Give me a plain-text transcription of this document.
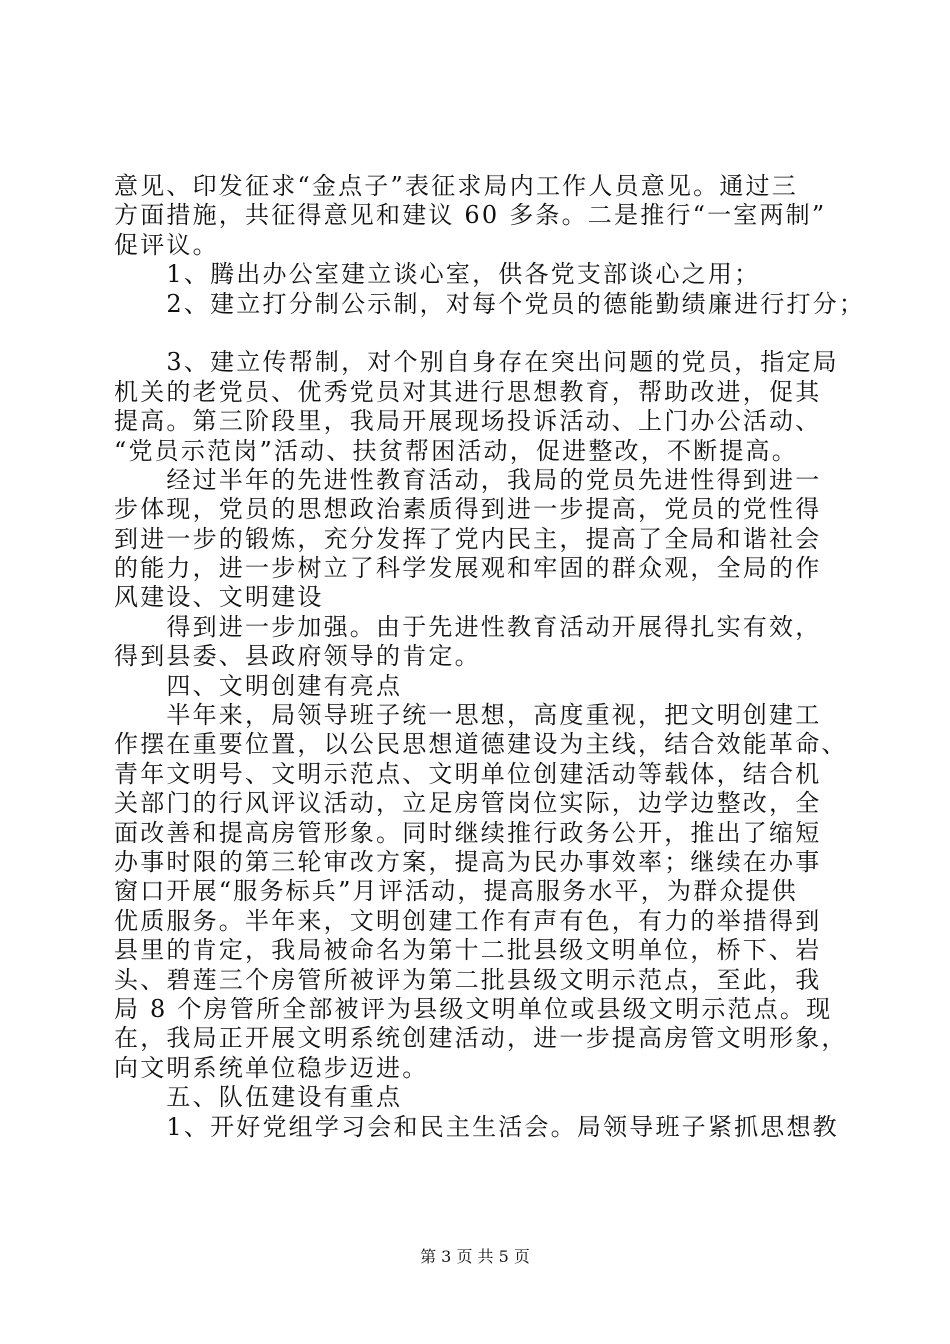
意见、印发征求“金点子”表征求局内工作人员意见。通过三
方面措施，共征得意见和建议 60 多条。二是推行“一室两制”
促评议。
　　1、腾出办公室建立谈心室，供各党支部谈心之用；
　　2、建立打分制公示制，对每个党员的德能勤绩廉进行打分；
　　3、建立传帮制，对个别自身存在突出问题的党员，指定局
机关的老党员、优秀党员对其进行思想教育，帮助改进，促其
提高。第三阶段里，我局开展现场投诉活动、上门办公活动、
“党员示范岗”活动、扶贫帮困活动，促进整改，不断提高。
　　经过半年的先进性教育活动，我局的党员先进性得到进一
步体现，党员的思想政治素质得到进一步提高，党员的党性得
到进一步的锻炼，充分发挥了党内民主，提高了全局和谐社会
的能力，进一步树立了科学发展观和牢固的群众观，全局的作
风建设、文明建设
　　得到进一步加强。由于先进性教育活动开展得扎实有效，
得到县委、县政府领导的肯定。
　　四、文明创建有亮点
　　半年来，局领导班子统一思想，高度重视，把文明创建工
作摆在重要位置，以公民思想道德建设为主线，结合效能革命、
青年文明号、文明示范点、文明单位创建活动等载体，结合机
关部门的行风评议活动，立足房管岗位实际，边学边整改，全
面改善和提高房管形象。同时继续推行政务公开，推出了缩短
办事时限的第三轮审改方案，提高为民办事效率；继续在办事
窗口开展“服务标兵”月评活动，提高服务水平，为群众提供
优质服务。半年来，文明创建工作有声有色，有力的举措得到
县里的肯定，我局被命名为第十二批县级文明单位，桥下、岩
头、碧莲三个房管所被评为第二批县级文明示范点，至此，我
局 8 个房管所全部被评为县级文明单位或县级文明示范点。现
在，我局正开展文明系统创建活动，进一步提高房管文明形象，
向文明系统单位稳步迈进。
　　五、队伍建设有重点
　　1、开好党组学习会和民主生活会。局领导班子紧抓思想教
第 3 页 共 5 页
